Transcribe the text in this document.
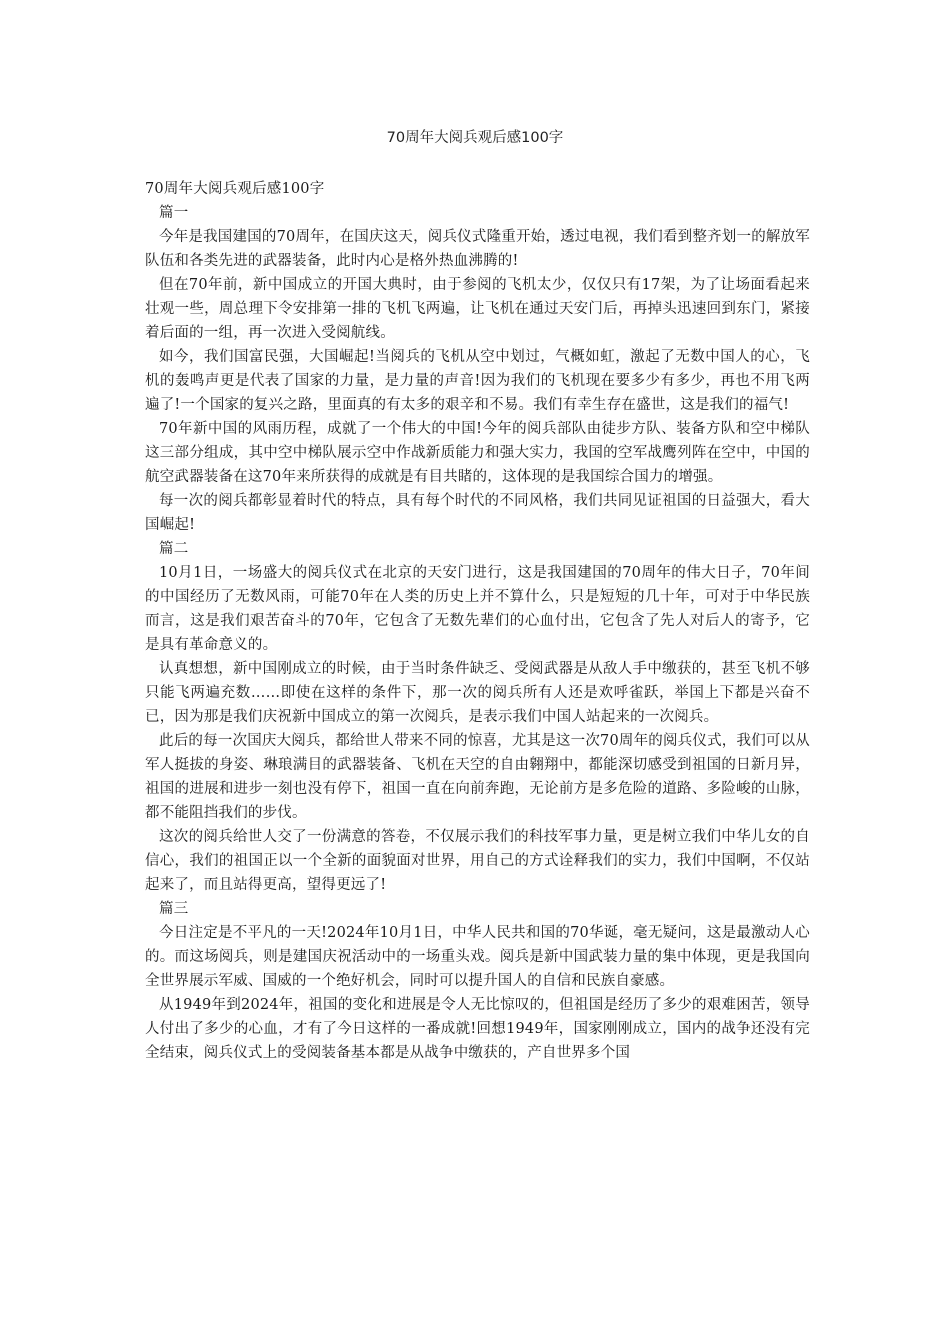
70周年大阅兵观后感100字

70周年大阅兵观后感100字

篇一

今年是我国建国的70周年，在国庆这天，阅兵仪式隆重开始，透过电视，我们看到整齐划一的解放军队伍和各类先进的武器装备，此时内心是格外热血沸腾的!

但在70年前，新中国成立的开国大典时，由于参阅的飞机太少，仅仅只有17架，为了让场面看起来壮观一些，周总理下令安排第一排的飞机飞两遍，让飞机在通过天安门后，再掉头迅速回到东门，紧接着后面的一组，再一次进入受阅航线。

如今，我们国富民强，大国崛起!当阅兵的飞机从空中划过，气概如虹，激起了无数中国人的心，飞机的轰鸣声更是代表了国家的力量，是力量的声音!因为我们的飞机现在要多少有多少，再也不用飞两遍了!一个国家的复兴之路，里面真的有太多的艰辛和不易。我们有幸生存在盛世，这是我们的福气!

70年新中国的风雨历程，成就了一个伟大的中国!今年的阅兵部队由徒步方队、装备方队和空中梯队这三部分组成，其中空中梯队展示空中作战新质能力和强大实力，我国的空军战鹰列阵在空中，中国的航空武器装备在这70年来所获得的成就是有目共睹的，这体现的是我国综合国力的增强。

每一次的阅兵都彰显着时代的特点，具有每个时代的不同风格，我们共同见证祖国的日益强大，看大国崛起!

篇二

10月1日，一场盛大的阅兵仪式在北京的天安门进行，这是我国建国的70周年的伟大日子，70年间的中国经历了无数风雨，可能70年在人类的历史上并不算什么，只是短短的几十年，可对于中华民族而言，这是我们艰苦奋斗的70年，它包含了无数先辈们的心血付出，它包含了先人对后人的寄予，它是具有革命意义的。

认真想想，新中国刚成立的时候，由于当时条件缺乏、受阅武器是从敌人手中缴获的，甚至飞机不够只能飞两遍充数……即使在这样的条件下，那一次的阅兵所有人还是欢呼雀跃，举国上下都是兴奋不已，因为那是我们庆祝新中国成立的第一次阅兵，是表示我们中国人站起来的一次阅兵。

此后的每一次国庆大阅兵，都给世人带来不同的惊喜，尤其是这一次70周年的阅兵仪式，我们可以从军人挺拔的身姿、琳琅满目的武器装备、飞机在天空的自由翱翔中，都能深切感受到祖国的日新月异，祖国的进展和进步一刻也没有停下，祖国一直在向前奔跑，无论前方是多危险的道路、多险峻的山脉，都不能阻挡我们的步伐。

这次的阅兵给世人交了一份满意的答卷，不仅展示我们的科技军事力量，更是树立我们中华儿女的自信心，我们的祖国正以一个全新的面貌面对世界，用自己的方式诠释我们的实力，我们中国啊，不仅站起来了，而且站得更高，望得更远了!

篇三

今日注定是不平凡的一天!2024年10月1日，中华人民共和国的70华诞，毫无疑问，这是最激动人心的。而这场阅兵，则是建国庆祝活动中的一场重头戏。阅兵是新中国武装力量的集中体现，更是我国向全世界展示军威、国威的一个绝好机会，同时可以提升国人的自信和民族自豪感。

从1949年到2024年，祖国的变化和进展是令人无比惊叹的，但祖国是经历了多少的艰难困苦，领导人付出了多少的心血，才有了今日这样的一番成就!回想1949年，国家刚刚成立，国内的战争还没有完全结束，阅兵仪式上的受阅装备基本都是从战争中缴获的，产自世界多个国
